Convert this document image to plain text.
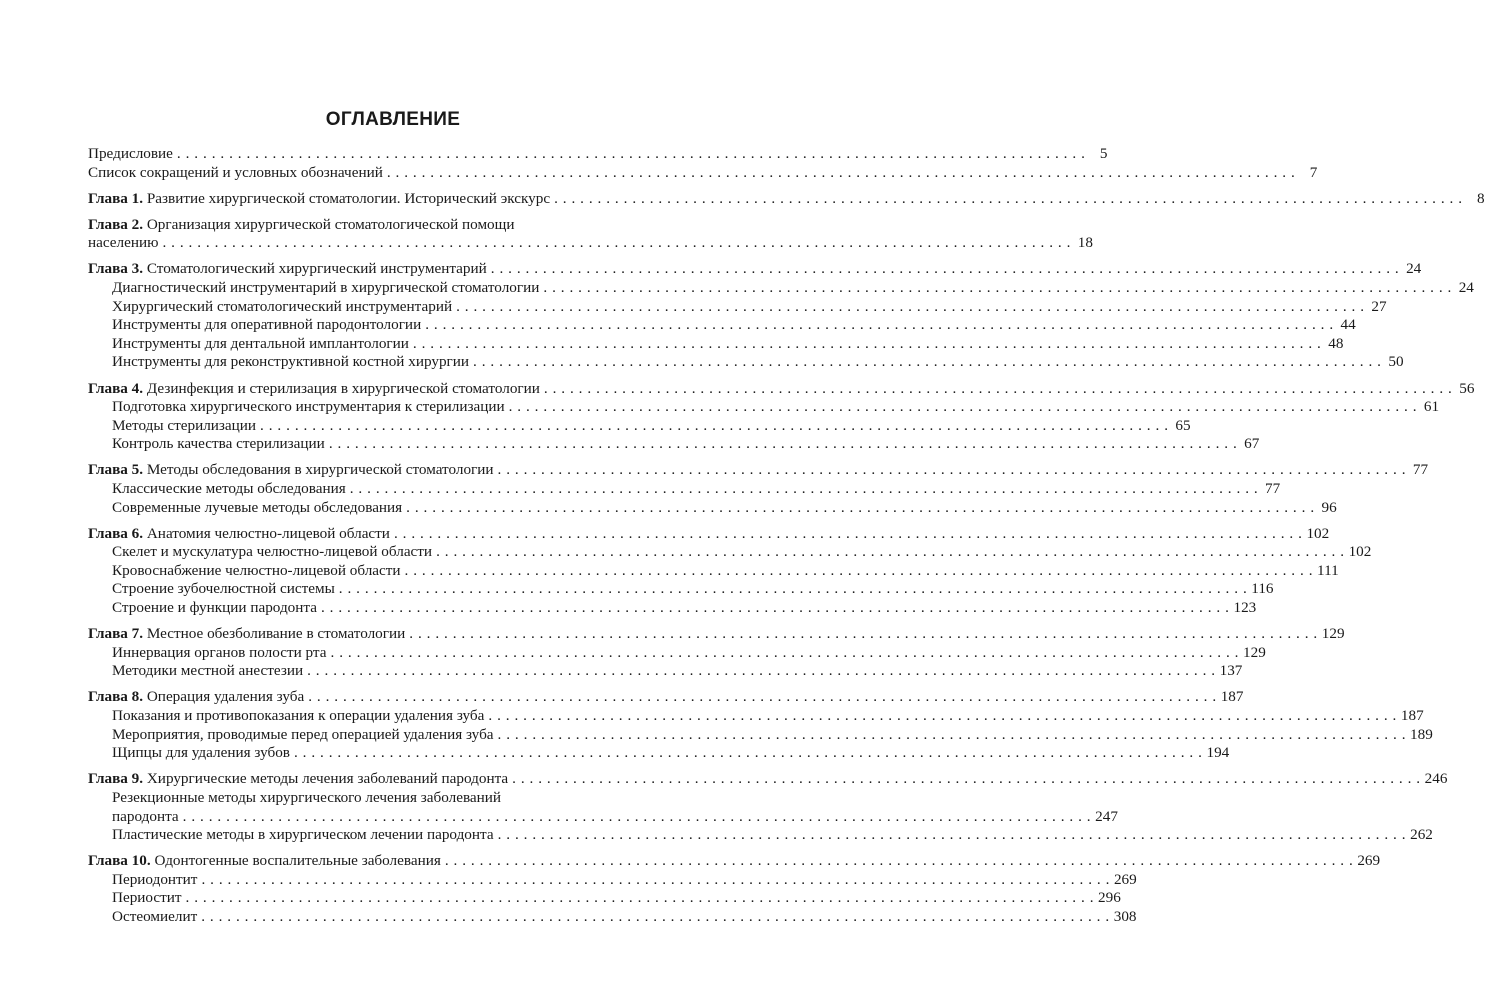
ОГЛАВЛЕНИЕ
Предисловие . . .	5
Список сокращений и условных обозначений . . .	7
Глава 1. Развитие хирургической стоматологии. Исторический экскурс . . .	8
Глава 2. Организация хирургической стоматологической помощи
населению . . .	18
Глава 3. Стоматологический хирургический инструментарий . . .	24
Диагностический инструментарий в хирургической стоматологии . . .	24
Хирургический стоматологический инструментарий . . .	27
Инструменты для оперативной пародонтологии . . .	44
Инструменты для дентальной имплантологии . . .	48
Инструменты для реконструктивной костной хирургии . . .	50
Глава 4. Дезинфекция и стерилизация в хирургической стоматологии . . .	56
Подготовка хирургического инструментария к стерилизации . . .	61
Методы стерилизации . . .	65
Контроль качества стерилизации . . .	67
Глава 5. Методы обследования в хирургической стоматологии . . .	77
Классические методы обследования . . .	77
Современные лучевые методы обследования . . .	96
Глава 6. Анатомия челюстно-лицевой области . . .	102
Скелет и мускулатура челюстно-лицевой области . . .	102
Кровоснабжение челюстно-лицевой области . . .	111
Строение зубочелюстной системы . . .	116
Строение и функции пародонта . . .	123
Глава 7. Местное обезболивание в стоматологии . . .	129
Иннервация органов полости рта . . .	129
Методики местной анестезии . . .	137
Глава 8. Операция удаления зуба . . .	187
Показания и противопоказания к операции удаления зуба . . .	187
Мероприятия, проводимые перед операцией удаления зуба . . .	189
Щипцы для удаления зубов . . .	194
Глава 9. Хирургические методы лечения заболеваний пародонта . . .	246
Резекционные методы хирургического лечения заболеваний
пародонта . . .	247
Пластические методы в хирургическом лечении пародонта . . .	262
Глава 10. Одонтогенные воспалительные заболевания . . .	269
Периодонтит . . .	269
Периостит . . .	296
Остеомиелит . . .	308
